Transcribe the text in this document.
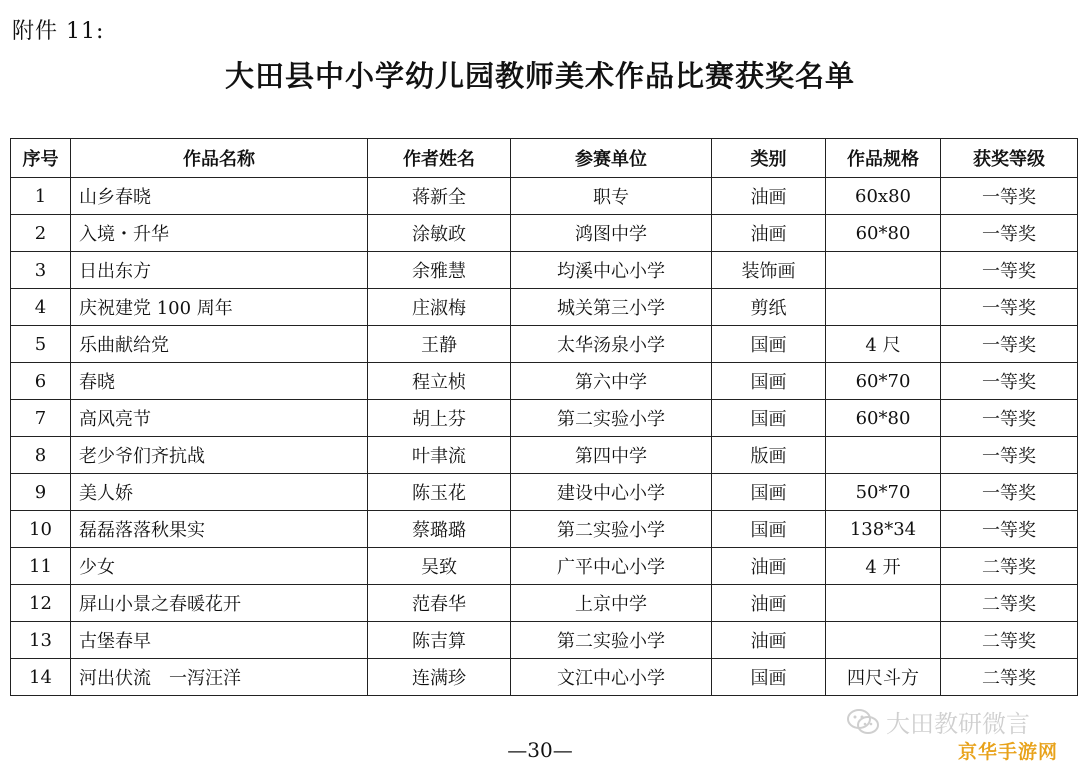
附件 11:
大田县中小学幼儿园教师美术作品比赛获奖名单
序号	作品名称	作者姓名	参赛单位	类别	作品规格	获奖等级
1	山乡春晓	蒋新全	职专	油画	60x80	一等奖
2	入境・升华	涂敏政	鸿图中学	油画	60*80	一等奖
3	日出东方	余雅慧	均溪中心小学	装饰画		一等奖
4	庆祝建党 100 周年	庄淑梅	城关第三小学	剪纸		一等奖
5	乐曲献给党	王静	太华汤泉小学	国画	4 尺	一等奖
6	春晓	程立桢	第六中学	国画	60*70	一等奖
7	高风亮节	胡上芬	第二实验小学	国画	60*80	一等奖
8	老少爷们齐抗战	叶聿流	第四中学	版画		一等奖
9	美人娇	陈玉花	建设中心小学	国画	50*70	一等奖
10	磊磊落落秋果实	蔡璐璐	第二实验小学	国画	138*34	一等奖
11	少女	吴致	广平中心小学	油画	4 开	二等奖
12	屏山小景之春暖花开	范春华	上京中学	油画		二等奖
13	古堡春早	陈吉算	第二实验小学	油画		二等奖
14	河出伏流　一泻汪洋	连满珍	文江中心小学	国画	四尺斗方	二等奖
大田教研微言
—30—	京华手游网
